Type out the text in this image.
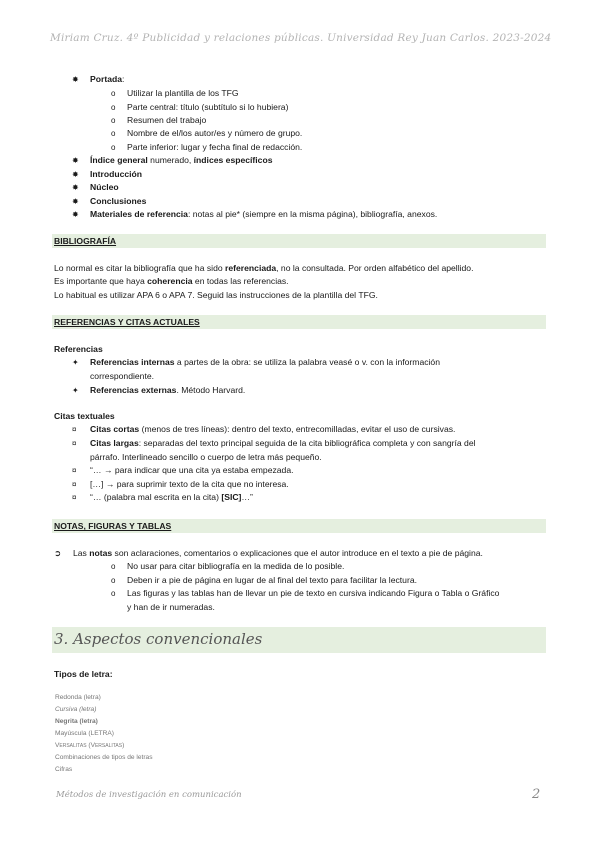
Miriam Cruz. 4º Publicidad y relaciones públicas. Universidad Rey Juan Carlos. 2023-2024
✸ Portada:
o Utilizar la plantilla de los TFG
o Parte central: título (subtítulo si lo hubiera)
o Resumen del trabajo
o Nombre de el/los autor/es y número de grupo.
o Parte inferior: lugar y fecha final de redacción.
✸ Índice general numerado, índices específicos
✸ Introducción
✸ Núcleo
✸ Conclusiones
✸ Materiales de referencia: notas al pie* (siempre en la misma página), bibliografía, anexos.
BIBLIOGRAFÍA
Lo normal es citar la bibliografía que ha sido referenciada, no la consultada. Por orden alfabético del apellido.
Es importante que haya coherencia en todas las referencias.
Lo habitual es utilizar APA 6 o APA 7. Seguid las instrucciones de la plantilla del TFG.
REFERENCIAS Y CITAS ACTUALES
Referencias
✦ Referencias internas a partes de la obra: se utiliza la palabra veasé o v. con la información
correspondiente.
✦ Referencias externas. Método Harvard.
Citas textuales
¤ Citas cortas (menos de tres líneas): dentro del texto, entrecomilladas, evitar el uso de cursivas.
¤ Citas largas: separadas del texto principal seguida de la cita bibliográfica completa y con sangría del
párrafo. Interlineado sencillo o cuerpo de letra más pequeño.
¤ “… → para indicar que una cita ya estaba empezada.
¤ […] → para suprimir texto de la cita que no interesa.
¤ “… (palabra mal escrita en la cita) [SIC]…”
NOTAS, FIGURAS Y TABLAS
➲ Las notas son aclaraciones, comentarios o explicaciones que el autor introduce en el texto a pie de página.
o No usar para citar bibliografía en la medida de lo posible.
o Deben ir a pie de página en lugar de al final del texto para facilitar la lectura.
o Las figuras y las tablas han de llevar un pie de texto en cursiva indicando Figura o Tabla o Gráfico
y han de ir numeradas.
3. Aspectos convencionales
Tipos de letra:
Redonda (letra)
Cursiva (letra)
Negrita (letra)
Mayúscula (LETRA)
Versalitas (Versalitas)
Combinaciones de tipos de letras
Cifras
Métodos de investigación en comunicación	2
